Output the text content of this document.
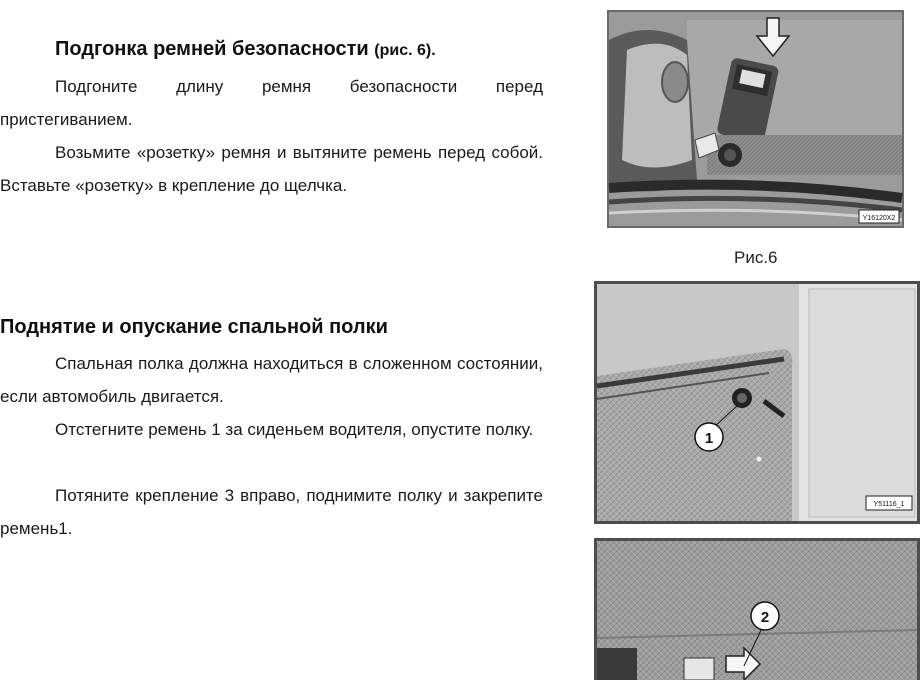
Подгонка ремней безопасности (рис. 6).

Подгоните длину ремня безопасности перед пристегиванием.

Возьмите «розетку» ремня и вытяните ремень перед собой. Вставьте «розетку» в крепление до щелчка.

Y16120X2
Рис.6
Поднятие и опускание спальной полки

Спальная полка должна находиться в сложенном состоянии, если автомобиль двигается.

Отстегните ремень 1 за сиденьем водителя, опустите полку.

Потяните крепление 3 вправо, поднимите полку и закрепите ремень1.

1
Y51116_1
2
